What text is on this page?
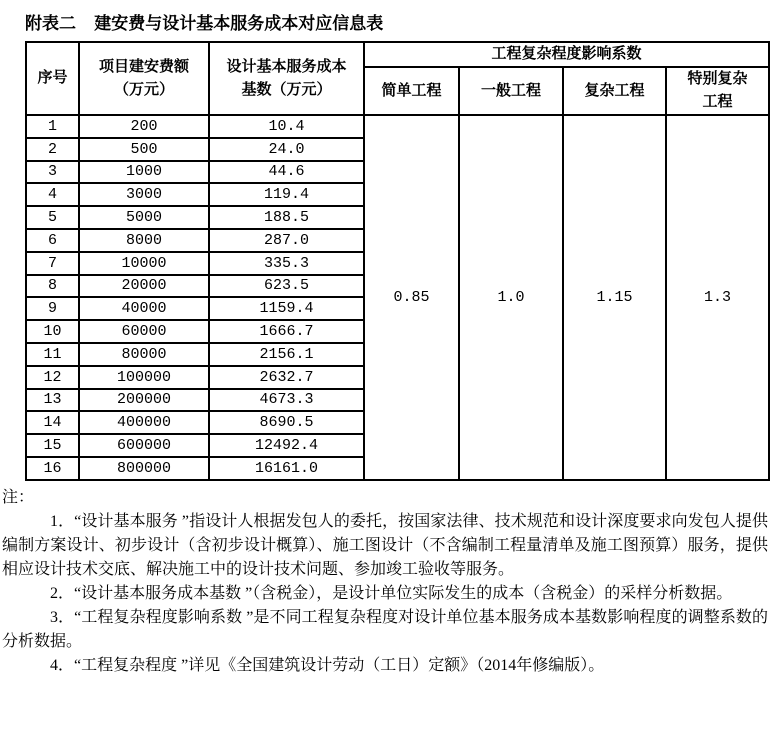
附表二 建安费与设计基本服务成本对应信息表
序号	项目建安费额（万元）	设计基本服务成本基数（万元）	工程复杂程度影响系数			
			简单工程	一般工程	复杂工程	特别复杂工程
1	200	10.4	0.85	1.0	1.15	1.3
2	500	24.0				
3	1000	44.6				
4	3000	119.4				
5	5000	188.5				
6	8000	287.0				
7	10000	335.3				
8	20000	623.5				
9	40000	1159.4				
10	60000	1666.7				
11	80000	2156.1				
12	100000	2632.7				
13	200000	4673.3				
14	400000	8690.5				
15	600000	12492.4				
16	800000	16161.0				

注：

1．“设计基本服务 ”指设计人根据发包人的委托，按国家法律、技术规范和设计深度要求向发包人提供编制方案设计、初步设计（含初步设计概算）、施工图设计（不含编制工程量清单及施工图预算）服务，提供相应设计技术交底、解决施工中的设计技术问题、参加竣工验收等服务。

2．“设计基本服务成本基数 ”（含税金），是设计单位实际发生的成本（含税金）的采样分析数据。

3．“工程复杂程度影响系数 ”是不同工程复杂程度对设计单位基本服务成本基数影响程度的调整系数的分析数据。

4．“工程复杂程度 ”详见《全国建筑设计劳动（工日）定额》（2014年修编版）。
